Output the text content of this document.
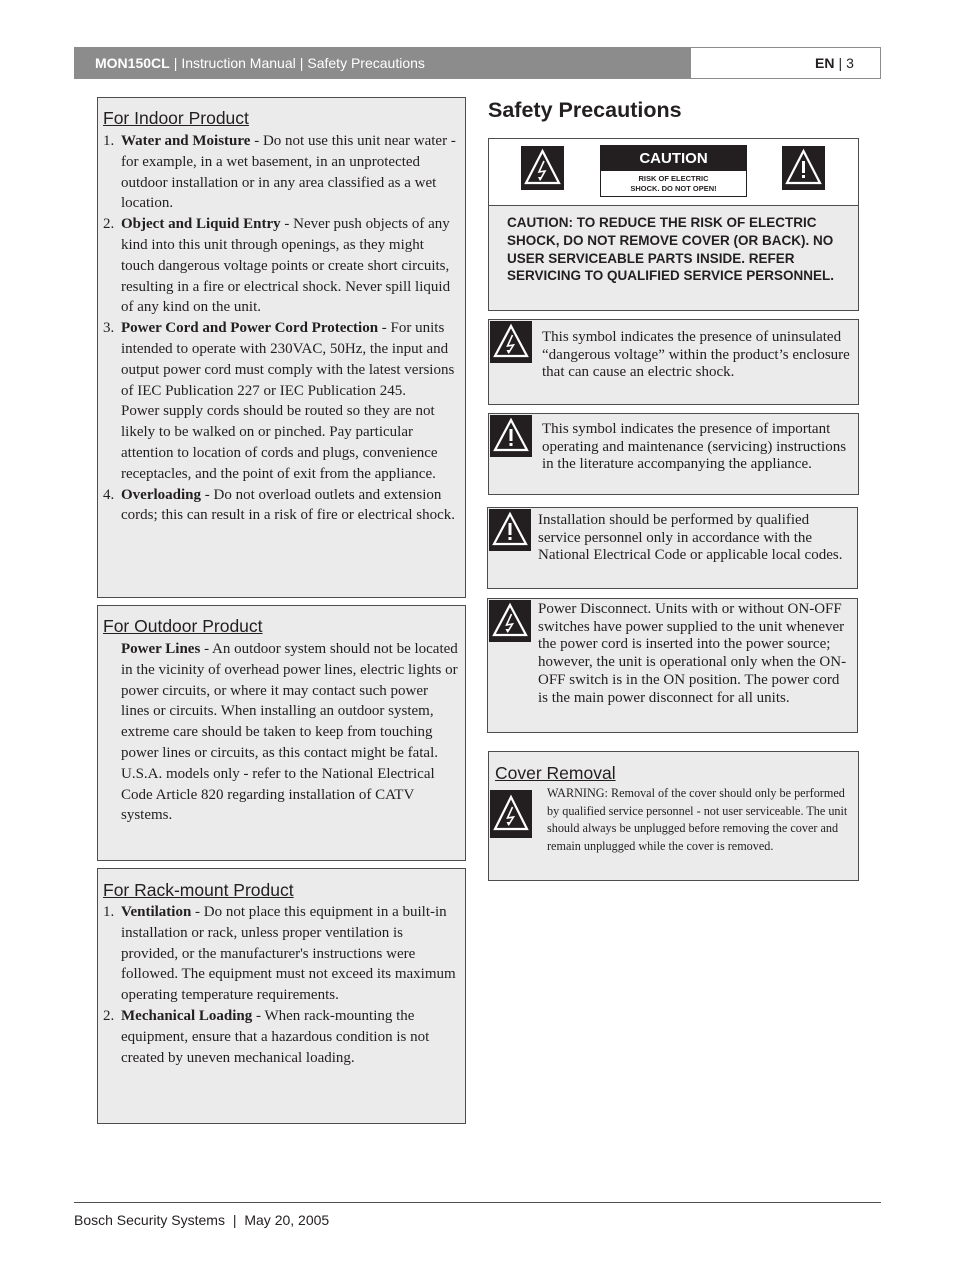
MON150CL | Instruction Manual | Safety Precautions	EN | 3
For Indoor Product
1. Water and Moisture - Do not use this unit near water - for example, in a wet basement, in an unprotected outdoor installation or in any area classified as a wet location.
2. Object and Liquid Entry - Never push objects of any kind into this unit through openings, as they might touch dangerous voltage points or create short circuits, resulting in a fire or electrical shock. Never spill liquid of any kind on the unit.
3. Power Cord and Power Cord Protection - For units intended to operate with 230VAC, 50Hz, the input and output power cord must comply with the latest versions of IEC Publication 227 or IEC Publication 245.
Power supply cords should be routed so they are not likely to be walked on or pinched. Pay particular attention to location of cords and plugs, convenience receptacles, and the point of exit from the appliance.
4. Overloading - Do not overload outlets and extension cords; this can result in a risk of fire or electrical shock.
For Outdoor Product
Power Lines - An outdoor system should not be located in the vicinity of overhead power lines, electric lights or power circuits, or where it may contact such power lines or circuits. When installing an outdoor system, extreme care should be taken to keep from touching power lines or circuits, as this contact might be fatal. U.S.A. models only - refer to the National Electrical Code Article 820 regarding installation of CATV systems.
For Rack-mount Product
1. Ventilation - Do not place this equipment in a built-in installation or rack, unless proper ventilation is provided, or the manufacturer's instructions were followed. The equipment must not exceed its maximum operating temperature requirements.
2. Mechanical Loading - When rack-mounting the equipment, ensure that a hazardous condition is not created by uneven mechanical loading.
Safety Precautions
CAUTION
RISK OF ELECTRIC
SHOCK. DO NOT OPEN!
CAUTION: TO REDUCE THE RISK OF ELECTRIC SHOCK, DO NOT REMOVE COVER (OR BACK). NO USER SERVICEABLE PARTS INSIDE. REFER SERVICING TO QUALIFIED SERVICE PERSONNEL.
This symbol indicates the presence of uninsulated “dangerous voltage” within the product’s enclosure that can cause an electric shock.
This symbol indicates the presence of important operating and maintenance (servicing) instructions in the literature accompanying the appliance.
Installation should be performed by qualified service personnel only in accordance with the National Electrical Code or applicable local codes.
Power Disconnect. Units with or without ON-OFF switches have power supplied to the unit whenever the power cord is inserted into the power source; however, the unit is operational only when the ON-OFF switch is in the ON position. The power cord is the main power disconnect for all units.
Cover Removal
WARNING: Removal of the cover should only be performed by qualified service personnel - not user serviceable. The unit should always be unplugged before removing the cover and remain unplugged while the cover is removed.
Bosch Security Systems | May 20, 2005
